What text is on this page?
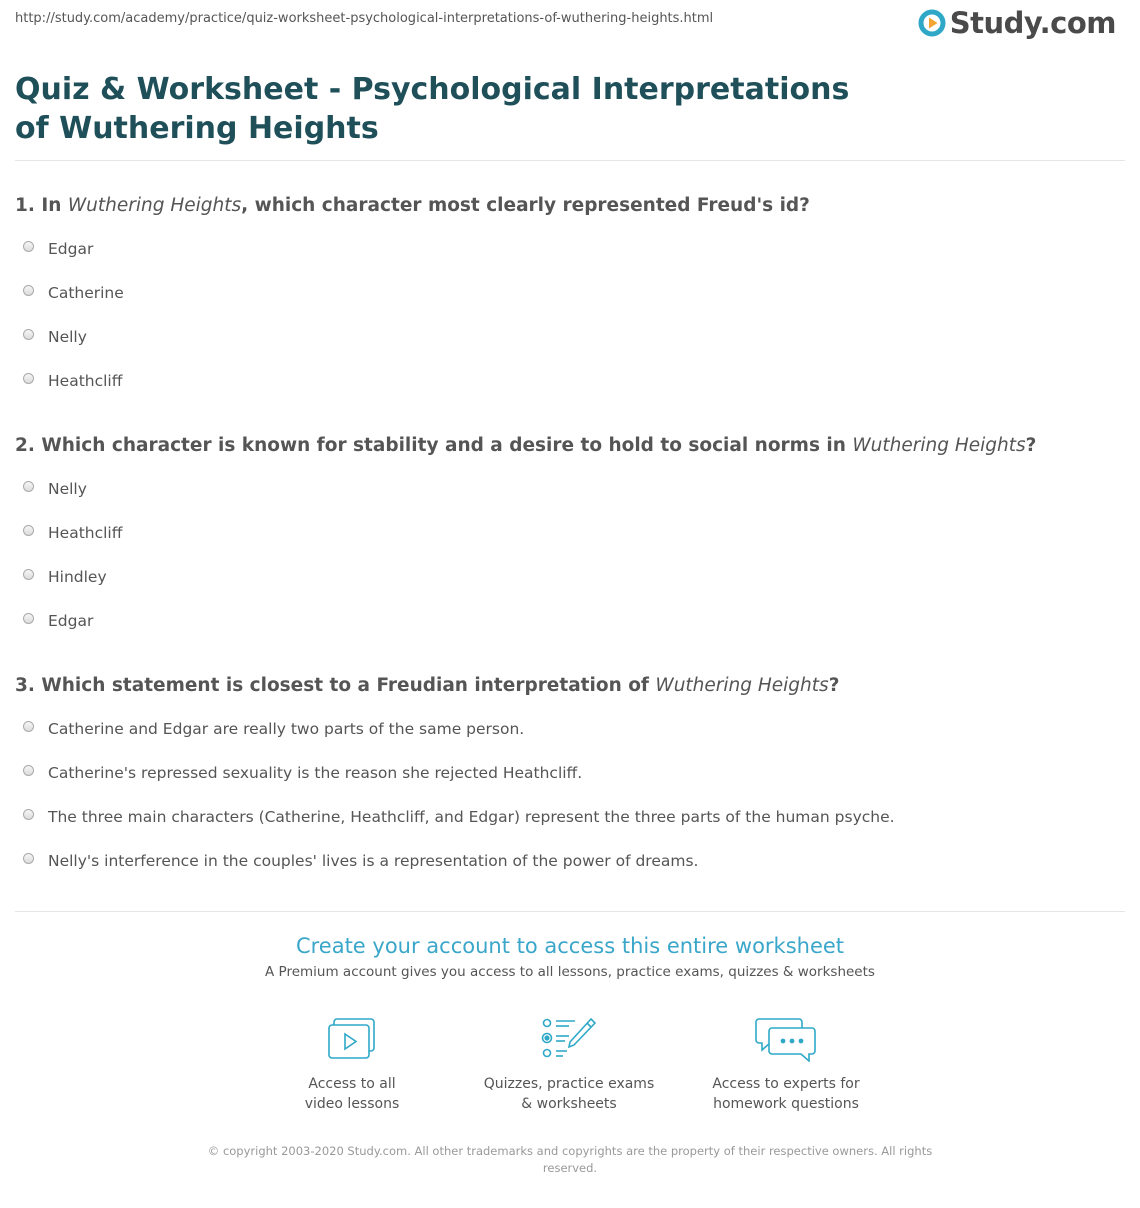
http://study.com/academy/practice/quiz-worksheet-psychological-interpretations-of-wuthering-heights.html	Study.com
Quiz & Worksheet - Psychological Interpretations of Wuthering Heights

1. In Wuthering Heights, which character most clearly represented Freud's id?

Edgar
Catherine
Nelly
Heathcliff

2. Which character is known for stability and a desire to hold to social norms in Wuthering Heights?

Nelly
Heathcliff
Hindley
Edgar

3. Which statement is closest to a Freudian interpretation of Wuthering Heights?

Catherine and Edgar are really two parts of the same person.
Catherine's repressed sexuality is the reason she rejected Heathcliff.
The three main characters (Catherine, Heathcliff, and Edgar) represent the three parts of the human psyche.
Nelly's interference in the couples' lives is a representation of the power of dreams.
Create your account to access this entire worksheet
A Premium account gives you access to all lessons, practice exams, quizzes & worksheets
Access to all
video lessons
Quizzes, practice exams
& worksheets
Access to experts for
homework questions
© copyright 2003-2020 Study.com. All other trademarks and copyrights are the property of their respective owners. All rights reserved.
